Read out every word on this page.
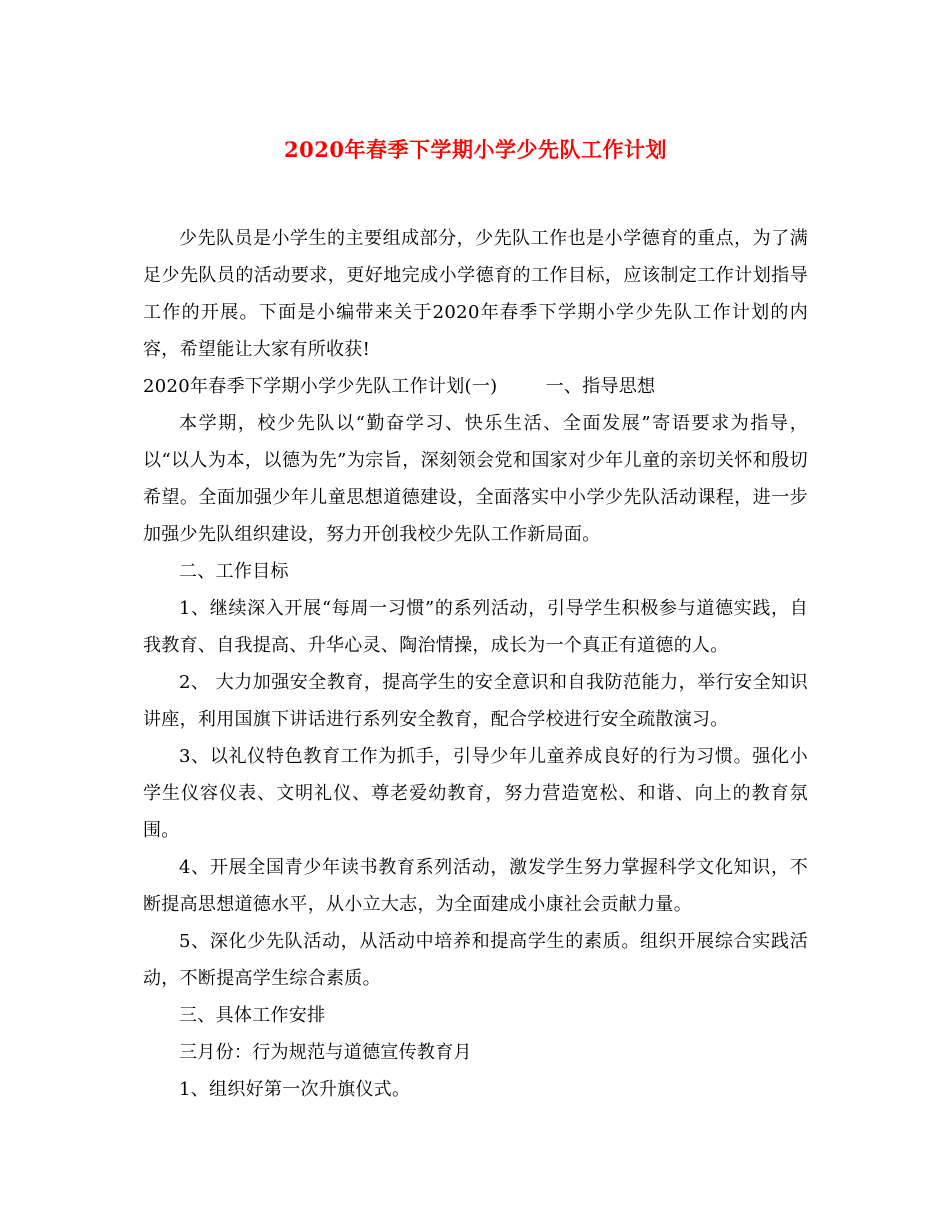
2020年春季下学期小学少先队工作计划

少先队员是小学生的主要组成部分，少先队工作也是小学德育的重点，为了满足少先队员的活动要求，更好地完成小学德育的工作目标，应该制定工作计划指导工作的开展。下面是小编带来关于2020年春季下学期小学少先队工作计划的内容，希望能让大家有所收获!

2020年春季下学期小学少先队工作计划(一)        一、指导思想

本学期，校少先队以“勤奋学习、快乐生活、全面发展”寄语要求为指导，以“以人为本，以德为先”为宗旨，深刻领会党和国家对少年儿童的亲切关怀和殷切希望。全面加强少年儿童思想道德建设，全面落实中小学少先队活动课程，进一步加强少先队组织建设，努力开创我校少先队工作新局面。

二、工作目标

1、继续深入开展“每周一习惯”的系列活动，引导学生积极参与道德实践，自我教育、自我提高、升华心灵、陶治情操，成长为一个真正有道德的人。

2、 大力加强安全教育，提高学生的安全意识和自我防范能力，举行安全知识讲座，利用国旗下讲话进行系列安全教育，配合学校进行安全疏散演习。

3、以礼仪特色教育工作为抓手，引导少年儿童养成良好的行为习惯。强化小学生仪容仪表、文明礼仪、尊老爱幼教育，努力营造宽松、和谐、向上的教育氛围。

4、开展全国青少年读书教育系列活动，激发学生努力掌握科学文化知识，不断提高思想道德水平，从小立大志，为全面建成小康社会贡献力量。

5、深化少先队活动，从活动中培养和提高学生的素质。组织开展综合实践活动，不断提高学生综合素质。

三、具体工作安排

三月份：行为规范与道德宣传教育月

1、组织好第一次升旗仪式。
